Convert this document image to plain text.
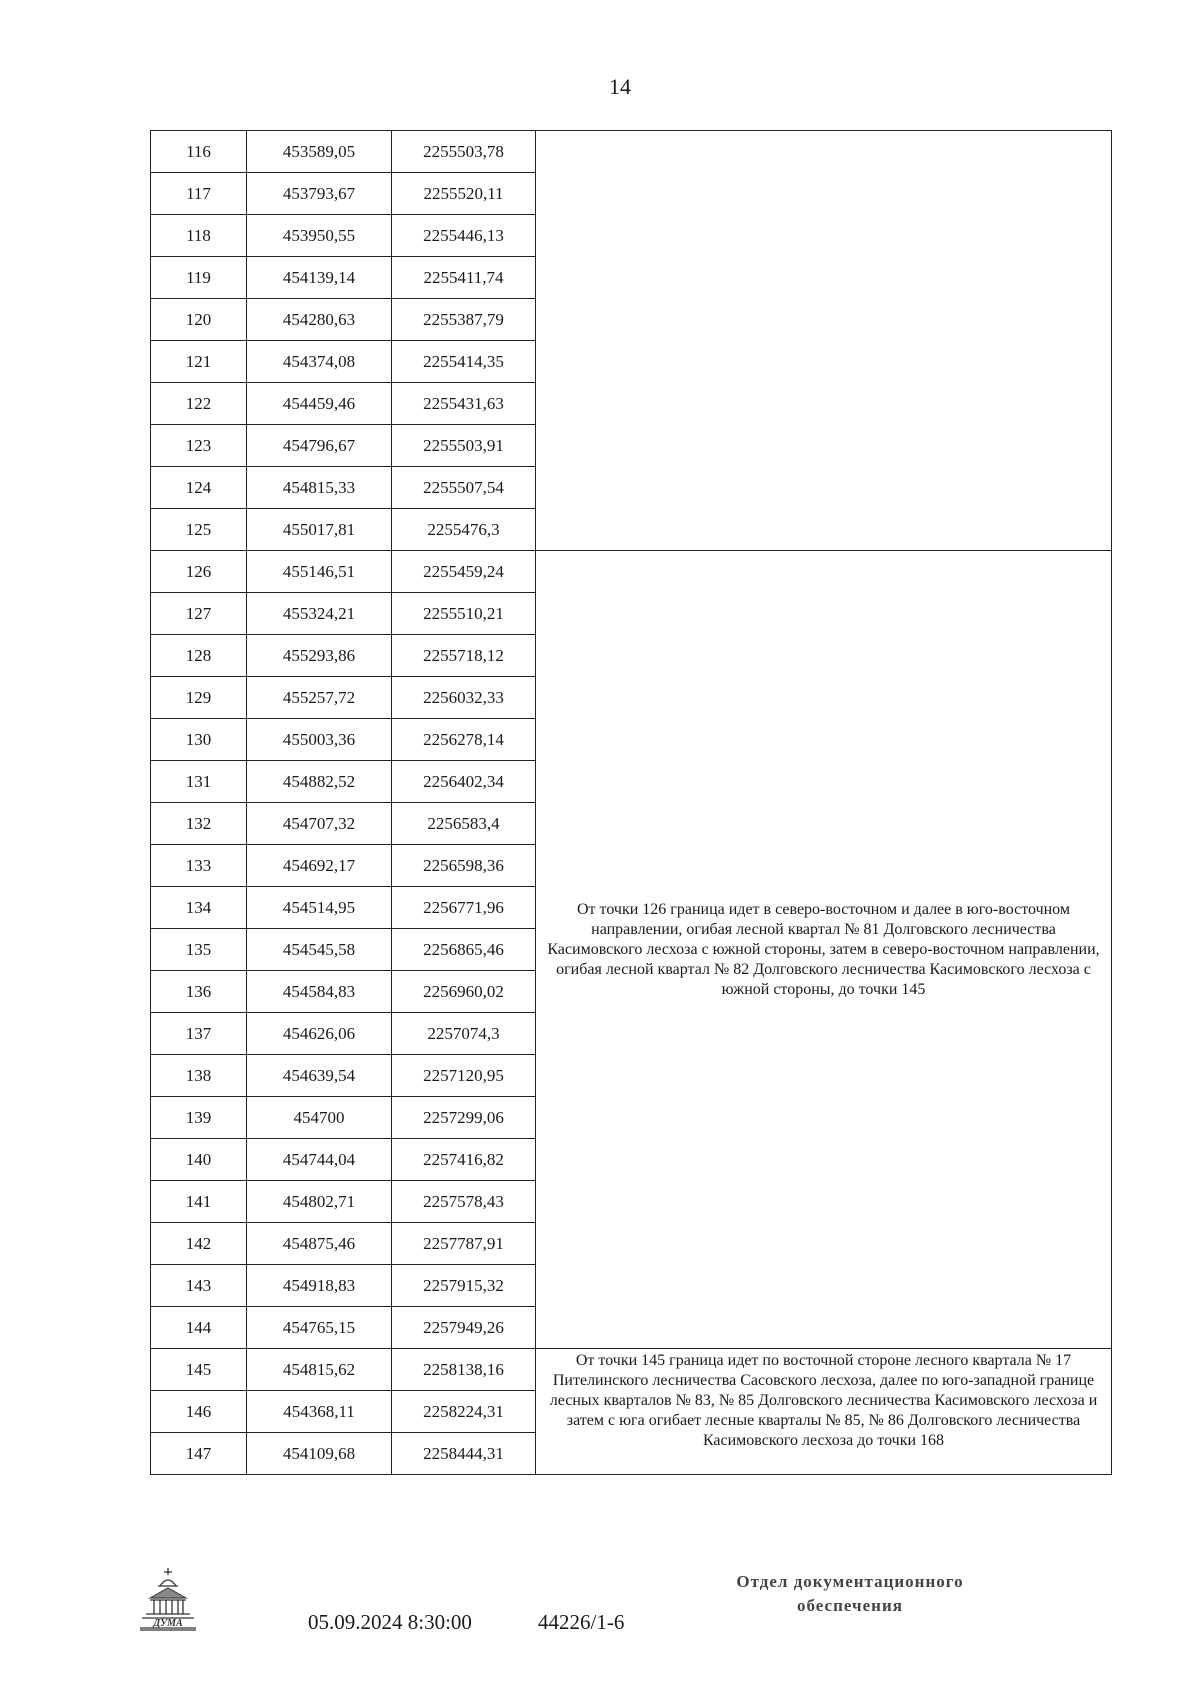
14
116	453589,05	2255503,78	
117	453793,67	2255520,11	
118	453950,55	2255446,13	
119	454139,14	2255411,74	
120	454280,63	2255387,79	
121	454374,08	2255414,35	
122	454459,46	2255431,63	
123	454796,67	2255503,91	
124	454815,33	2255507,54	
125	455017,81	2255476,3	
126	455146,51	2255459,24	От точки 126 граница идет в северо-восточном и далее в юго-восточном направлении, огибая лесной квартал № 81 Долговского лесничества Касимовского лесхоза с южной стороны, затем в северо-восточном направлении, огибая лесной квартал № 82 Долговского лесничества Касимовского лесхоза с южной стороны, до точки 145
127	455324,21	2255510,21	
128	455293,86	2255718,12	
129	455257,72	2256032,33	
130	455003,36	2256278,14	
131	454882,52	2256402,34	
132	454707,32	2256583,4	
133	454692,17	2256598,36	
134	454514,95	2256771,96	
135	454545,58	2256865,46	
136	454584,83	2256960,02	
137	454626,06	2257074,3	
138	454639,54	2257120,95	
139	454700	2257299,06	
140	454744,04	2257416,82	
141	454802,71	2257578,43	
142	454875,46	2257787,91	
143	454918,83	2257915,32	
144	454765,15	2257949,26	
145	454815,62	2258138,16	От точки 145 граница идет по восточной стороне лесного квартала № 17 Пителинского лесничества Сасовского лесхоза, далее по юго-западной границе лесных кварталов № 83, № 85 Долговского лесничества Касимовского лесхоза и затем с юга огибает лесные кварталы № 85, № 86 Долговского лесничества Касимовского лесхоза до точки 168
146	454368,11	2258224,31	
147	454109,68	2258444,31	
ДУМА	05.09.2024 8:30:00	44226/1-6
Отдел документационного
обеспечения
